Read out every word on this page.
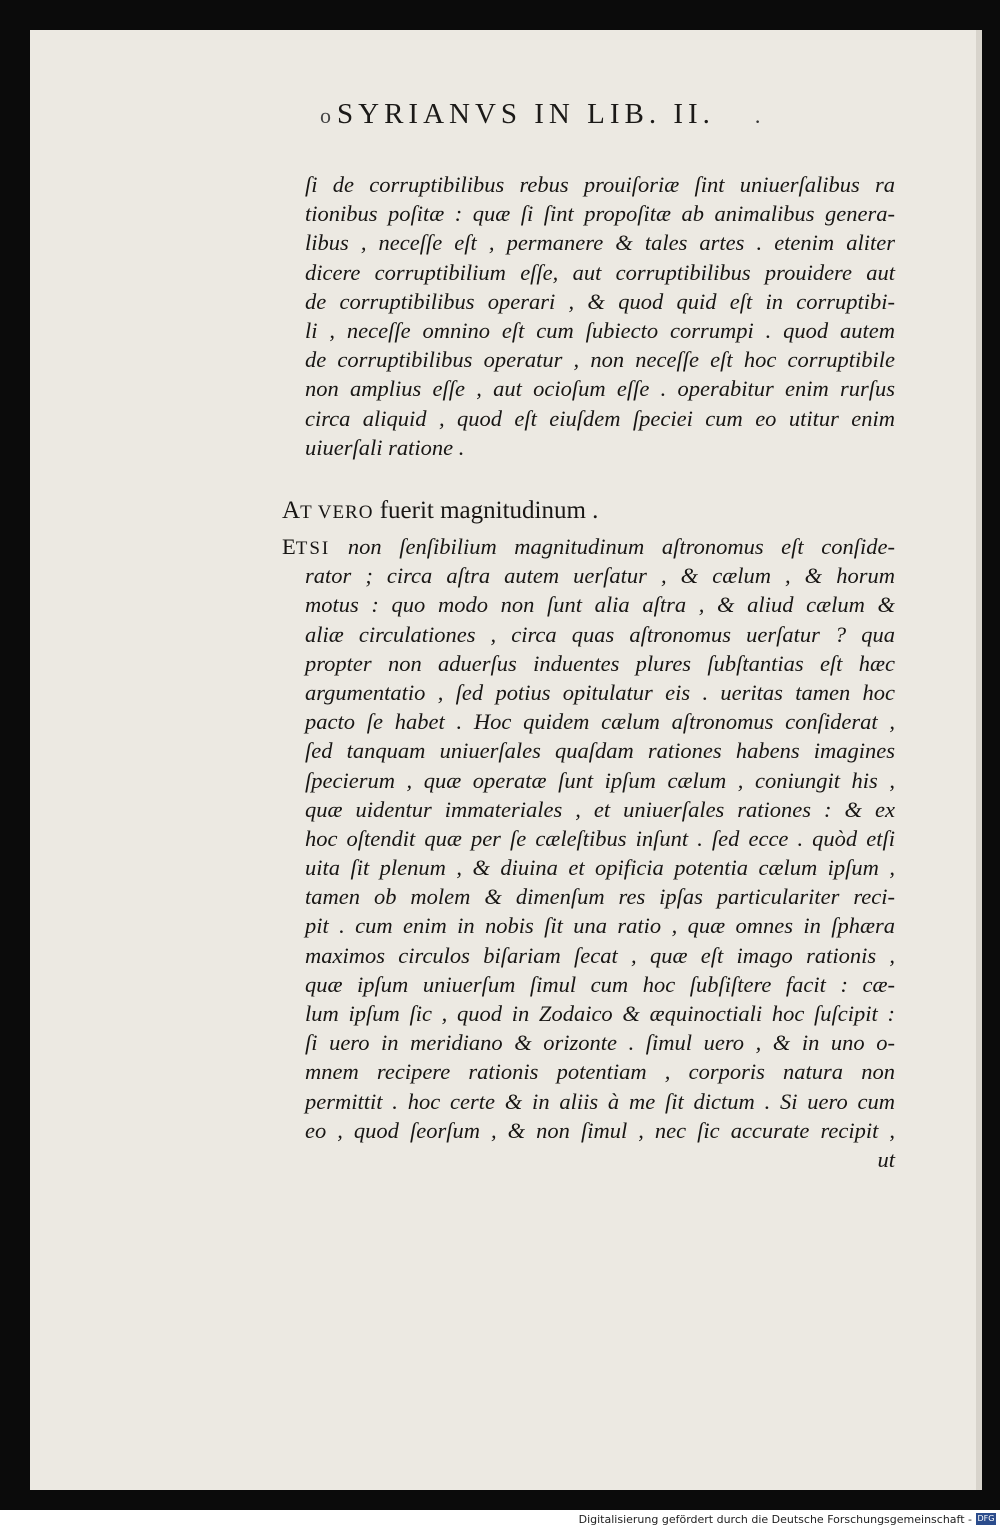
o SYRIANVS IN LIB. II. .
ſi de corruptibilibus rebus prouiſoriæ ſint uniuerſalibus ra
tionibus poſitæ : quæ ſi ſint propoſitæ ab animalibus genera-
libus , neceſſe eſt , permanere & tales artes . etenim aliter
dicere corruptibilium eſſe, aut corruptibilibus prouidere aut
de corruptibilibus operari , & quod quid eſt in corruptibi-
li , neceſſe omnino eſt cum ſubiecto corrumpi . quod autem
de corruptibilibus operatur , non neceſſe eſt hoc corruptibile
non amplius eſſe , aut ocioſum eſſe . operabitur enim rurſus
circa aliquid , quod eſt eiuſdem ſpeciei cum eo utitur enim
uiuerſali ratione .
AT VERO fuerit magnitudinum .
ETSI non ſenſibilium magnitudinum aſtronomus eſt conſide-
rator ; circa aſtra autem uerſatur , & cælum , & horum
motus : quo modo non ſunt alia aſtra , & aliud cælum &
aliæ circulationes , circa quas aſtronomus uerſatur ? qua
propter non aduerſus induentes plures ſubſtantias eſt hæc
argumentatio , ſed potius opitulatur eis . ueritas tamen hoc
pacto ſe habet . Hoc quidem cælum aſtronomus conſiderat ,
ſed tanquam uniuerſales quaſdam rationes habens imagines
ſpecierum , quæ operatæ ſunt ipſum cælum , coniungit his ,
quæ uidentur immateriales , et uniuerſales rationes : & ex
hoc oſtendit quæ per ſe cæleſtibus inſunt . ſed ecce . quòd etſi
uita ſit plenum , & diuina et opificia potentia cælum ipſum ,
tamen ob molem & dimenſum res ipſas particulariter reci-
pit . cum enim in nobis ſit una ratio , quæ omnes in ſphæra
maximos circulos biſariam ſecat , quæ eſt imago rationis ,
quæ ipſum uniuerſum ſimul cum hoc ſubſiſtere facit : cæ-
lum ipſum ſic , quod in Zodaico & æquinoctiali hoc ſuſcipit :
ſi uero in meridiano & orizonte . ſimul uero , & in uno o-
mnem recipere rationis potentiam , corporis natura non
permittit . hoc certe & in aliis à me ſit dictum . Si uero cum
eo , quod ſeorſum , & non ſimul , nec ſic accurate recipit ,
ut
Digitalisierung gefördert durch die Deutsche Forschungsgemeinschaft - DFG
